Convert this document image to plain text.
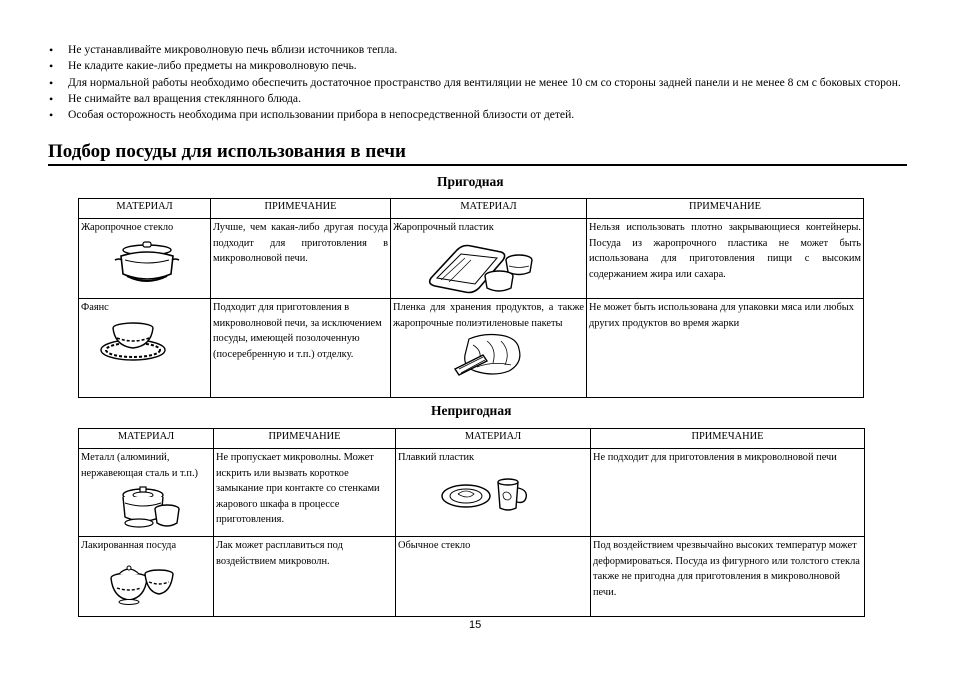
• Не устанавливайте микроволновую печь вблизи источников тепла.
• Не кладите какие-либо предметы на микроволновую печь.
• Для нормальной работы необходимо обеспечить достаточное пространство для вентиляции не менее 10 см со стороны задней панели и не менее 8 см с боковых сторон.
• Не снимайте вал вращения стеклянного блюда.
• Особая осторожность необходима при использовании прибора в непосредственной близости от детей.
Подбор посуды для использования в печи
Пригодная
МАТЕРИАЛ	ПРИМЕЧАНИЕ	МАТЕРИАЛ	ПРИМЕЧАНИЕ
Жаропрочное стекло	Лучше, чем какая-либо другая посуда подходит для приготовления в микроволновой печи.	Жаропрочный пластик	Нельзя использовать плотно закрывающиеся контейнеры. Посуда из жаропрочного пластика не может быть использована для приготовления пищи с высоким содержанием жира или сахара.
Фаянс	Подходит для приготовления в микроволновой печи, за исключением посуды, имеющей позолоченную (посеребренную и т.п.) отделку.	Пленка для хранения продуктов, а также жаропрочные полиэтиленовые пакеты	Не может быть использована для упаковки мяса или любых других продуктов во время жарки
Непригодная
МАТЕРИАЛ	ПРИМЕЧАНИЕ	МАТЕРИАЛ	ПРИМЕЧАНИЕ
Металл (алюминий, нержавеющая сталь и т.п.)	Не пропускает микроволны. Может искрить или вызвать короткое замыкание при контакте со стенками жарового шкафа в процессе приготовления.	Плавкий пластик	Не подходит для приготовления в микроволновой печи
Лакированная посуда	Лак может расплавиться под воздействием микроволн.	Обычное стекло	Под воздействием чрезвычайно высоких температур может деформироваться. Посуда из фигурного или толстого стекла также не пригодна для приготовления в микроволновой печи.
15
